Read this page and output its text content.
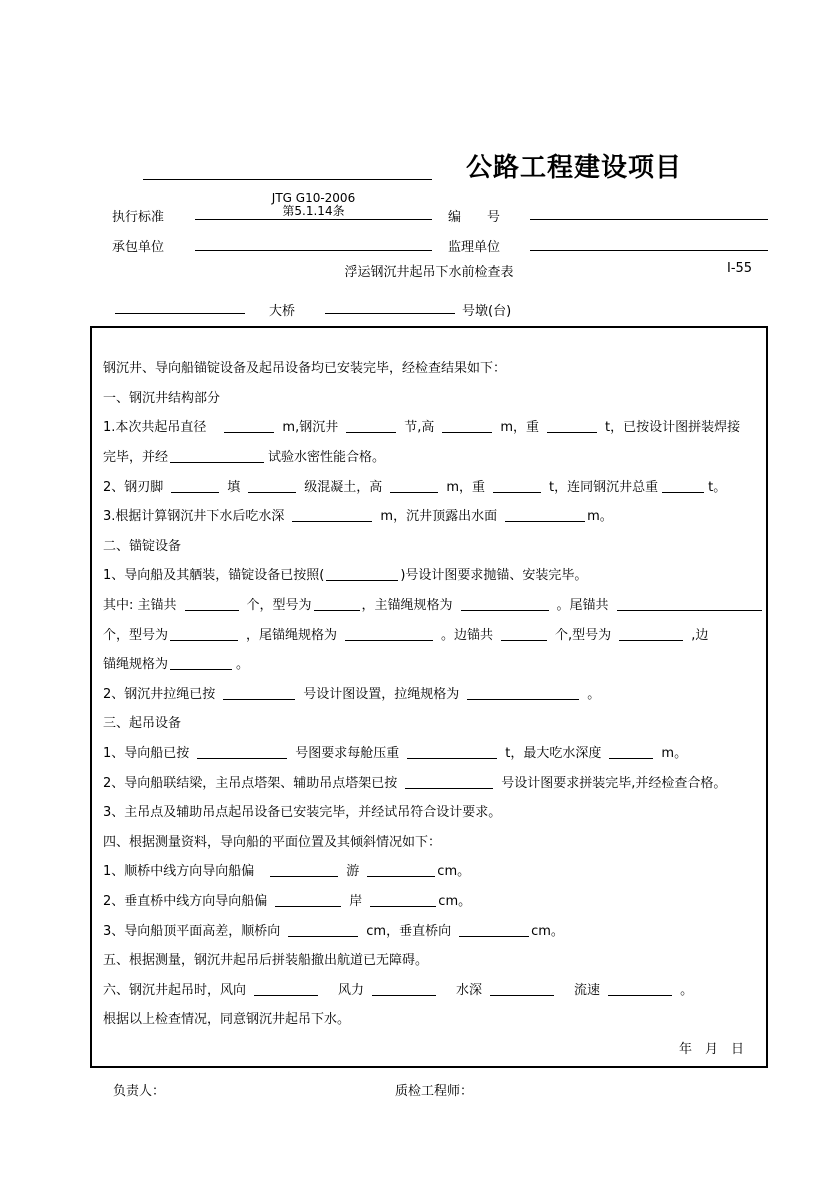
公路工程建设项目
执行标准
JTG G10-2006
第5.1.14条	编　　号
承包单位	监理单位
浮运钢沉井起吊下水前检查表	I-55
大桥	号墩(台)
钢沉井、导向船锚锭设备及起吊设备均已安装完毕，经检查结果如下：
一、钢沉井结构部分
1.本次共起吊直径	m,钢沉井	节,高	m，重	t，已按设计图拼装焊接
完毕，并经	试验水密性能合格。
2、钢刃脚	填	级混凝土，高	m，重	t，连同钢沉井总重	t。
3.根据计算钢沉井下水后吃水深	m，沉井顶露出水面	m。
二、锚锭设备
1、导向船及其舾装，锚锭设备已按照(	)号设计图要求抛锚、安装完毕。
其中: 主锚共	个，型号为	，主锚绳规格为	。尾锚共
个，型号为	，尾锚绳规格为	。边锚共	个,型号为	,边
锚绳规格为	。
2、钢沉井拉绳已按	号设计图设置，拉绳规格为	。
三、起吊设备
1、导向船已按	号图要求每舱压重	t，最大吃水深度	m。
2、导向船联结梁，主吊点塔架、辅助吊点塔架已按	号设计图要求拼装完毕,并经检查合格。
3、主吊点及辅助吊点起吊设备已安装完毕，并经试吊符合设计要求。
四、根据测量资料，导向船的平面位置及其倾斜情况如下：
1、顺桥中线方向导向船偏	游	cm。
2、垂直桥中线方向导向船偏	岸	cm。
3、导向船顶平面高差，顺桥向	cm，垂直桥向	cm。
五、根据测量，钢沉井起吊后拼装船撤出航道已无障碍。
六、钢沉井起吊时，风向	风力	水深	流速	。
根据以上检查情况，同意钢沉井起吊下水。
年　月　日
负责人：	质检工程师：
